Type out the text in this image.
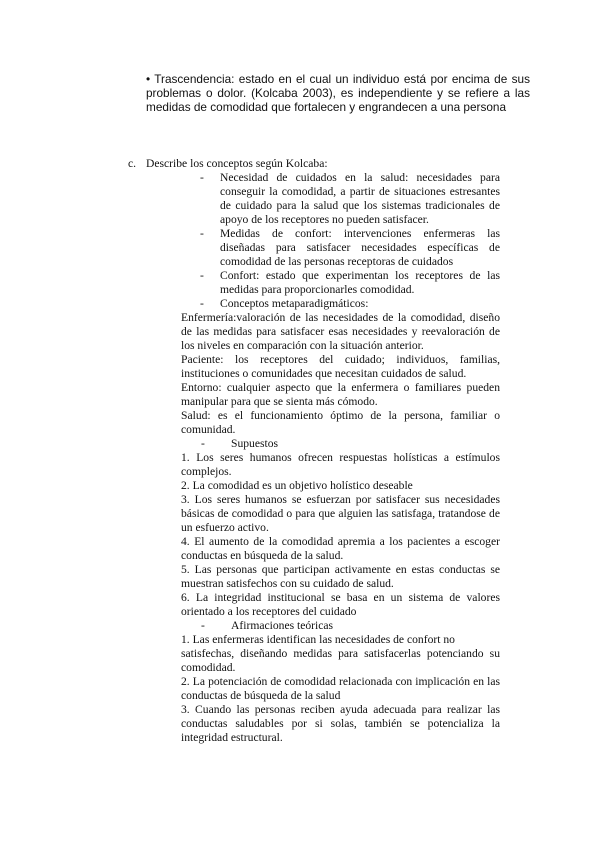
• Trascendencia: estado en el cual un individuo está por encima de sus problemas o dolor. (Kolcaba 2003), es independiente y se refiere a las medidas de comodidad que fortalecen y engrandecen a una persona

c. Describe los conceptos según Kolcaba:
- Necesidad de cuidados en la salud: necesidades para conseguir la comodidad, a partir de situaciones estresantes de cuidado para la salud que los sistemas tradicionales de apoyo de los receptores no pueden satisfacer.
- Medidas de confort: intervenciones enfermeras las diseñadas para satisfacer necesidades específicas de comodidad de las personas receptoras de cuidados
- Confort: estado que experimentan los receptores de las medidas para proporcionarles comodidad.
- Conceptos metaparadigmáticos:
Enfermería:valoración de las necesidades de la comodidad, diseño de las medidas para satisfacer esas necesidades y reevaloración de los niveles en comparación con la situación anterior.
Paciente: los receptores del cuidado; individuos, familias, instituciones o comunidades que necesitan cuidados de salud.
Entorno: cualquier aspecto que la enfermera o familiares pueden manipular para que se sienta más cómodo.
Salud: es el funcionamiento óptimo de la persona, familiar o comunidad.
- Supuestos
1. Los seres humanos ofrecen respuestas holísticas a estímulos complejos.
2. La comodidad es un objetivo holístico deseable
3. Los seres humanos se esfuerzan por satisfacer sus necesidades básicas de comodidad o para que alguien las satisfaga, tratandose de un esfuerzo activo.
4. El aumento de la comodidad apremia a los pacientes a escoger conductas en búsqueda de la salud.
5. Las personas que participan activamente en estas conductas se muestran satisfechos con su cuidado de salud.
6. La integridad institucional se basa en un sistema de valores orientado a los receptores del cuidado
- Afirmaciones teóricas
1. Las enfermeras identifican las necesidades de confort no
satisfechas, diseñando medidas para satisfacerlas potenciando su comodidad.
2. La potenciación de comodidad relacionada con implicación en las conductas de búsqueda de la salud
3. Cuando las personas reciben ayuda adecuada para realizar las conductas saludables por si solas, también se potencializa la integridad estructural.
